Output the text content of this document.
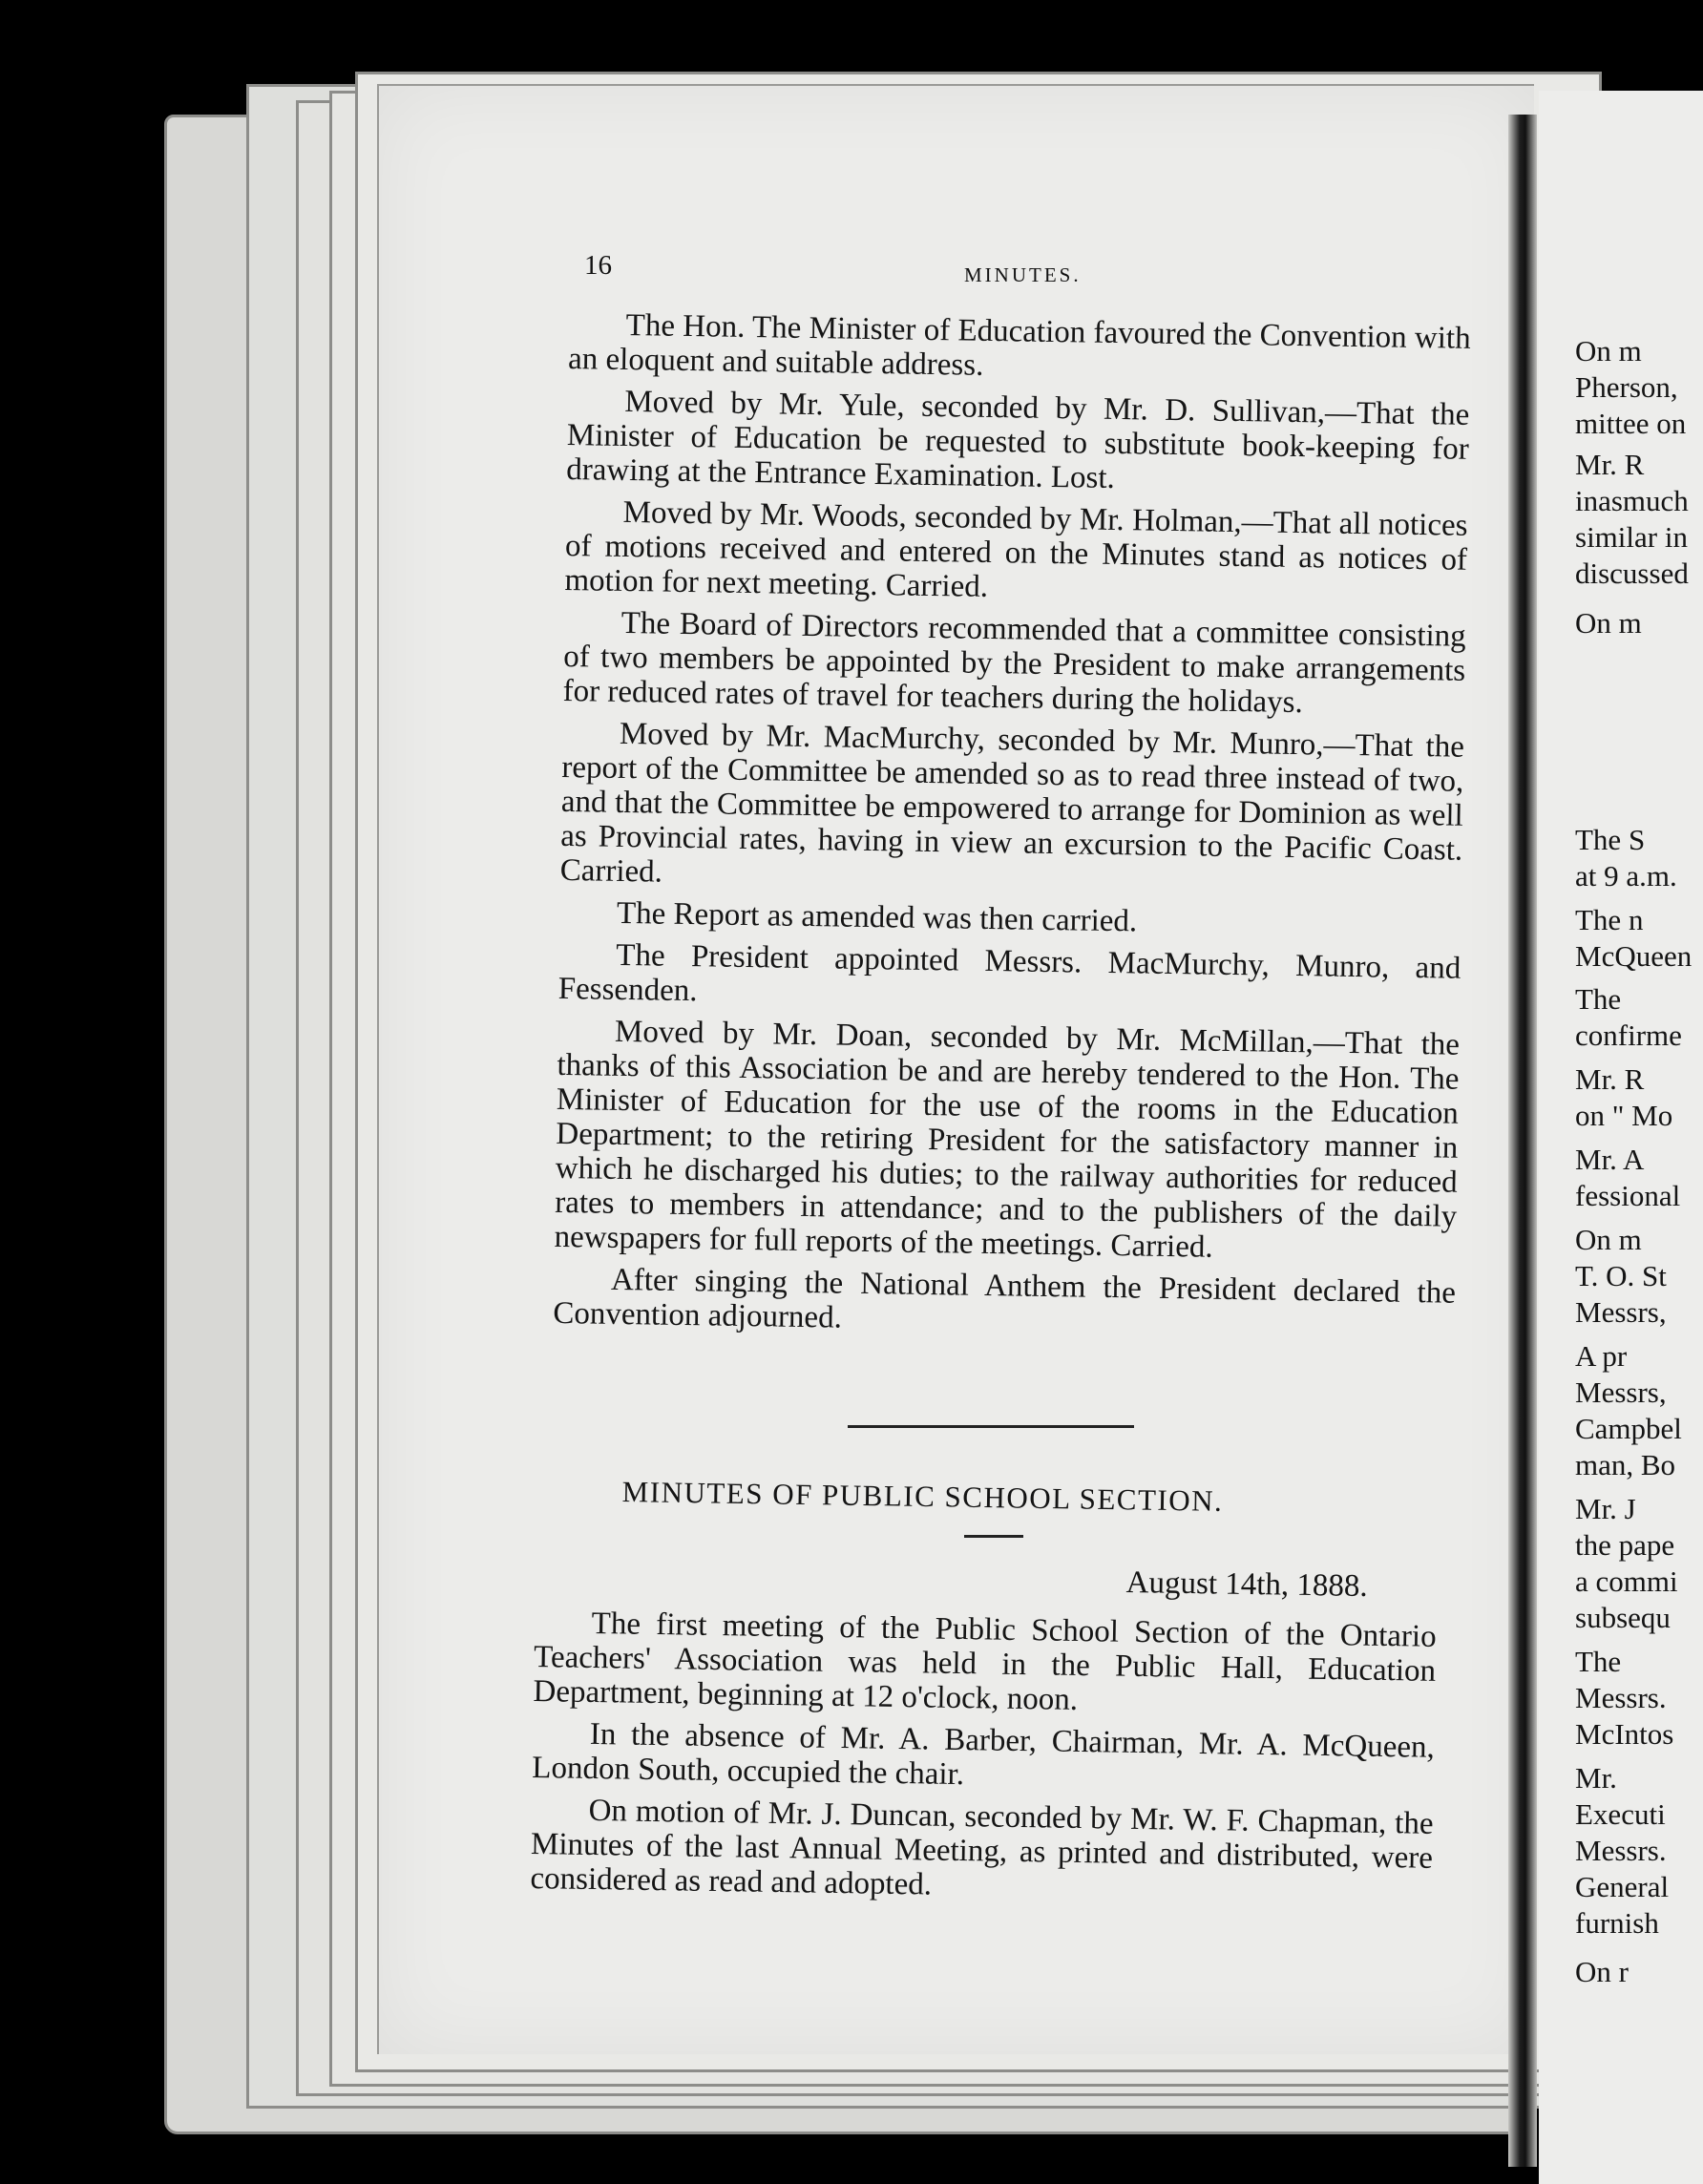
On m
Pherson,
mittee on
Mr. R
inasmuch
similar in
discussed
On m
The S
at 9 a.m.
The n
McQueen
The
confirme
Mr. R
on " Mo
Mr. A
fessional
On m
T. O. St
Messrs,
A pr
Messrs,
Campbel
man, Bo
Mr. J
the pape
a commi
subsequ
The
Messrs.
McIntos
Mr.
Executi
Messrs.
General
furnish
On r
16	MINUTES.

The Hon. The Minister of Education favoured the Convention with an eloquent and suitable address.

Moved by Mr. Yule, seconded by Mr. D. Sullivan,—That the Minister of Education be requested to substitute book-keeping for drawing at the Entrance Examination. Lost.

Moved by Mr. Woods, seconded by Mr. Holman,—That all notices of motions received and entered on the Minutes stand as notices of motion for next meeting. Carried.

The Board of Directors recommended that a committee consisting of two members be appointed by the President to make arrangements for reduced rates of travel for teachers during the holidays.

Moved by Mr. MacMurchy, seconded by Mr. Munro,—That the report of the Committee be amended so as to read three instead of two, and that the Committee be empowered to arrange for Dominion as well as Provincial rates, having in view an excursion to the Pacific Coast. Carried.

The Report as amended was then carried.

The President appointed Messrs. MacMurchy, Munro, and Fessenden.

Moved by Mr. Doan, seconded by Mr. McMillan,—That the thanks of this Association be and are hereby tendered to the Hon. The Minister of Education for the use of the rooms in the Education Department; to the retiring President for the satisfactory manner in which he discharged his duties; to the railway authorities for reduced rates to members in attendance; and to the publishers of the daily newspapers for full reports of the meetings. Carried.

After singing the National Anthem the President declared the Convention adjourned.

MINUTES OF PUBLIC SCHOOL SECTION.
August 14th, 1888.

The first meeting of the Public School Section of the Ontario Teachers' Association was held in the Public Hall, Education Department, beginning at 12 o'clock, noon.

In the absence of Mr. A. Barber, Chairman, Mr. A. McQueen, London South, occupied the chair.

On motion of Mr. J. Duncan, seconded by Mr. W. F. Chapman, the Minutes of the last Annual Meeting, as printed and distributed, were considered as read and adopted.
